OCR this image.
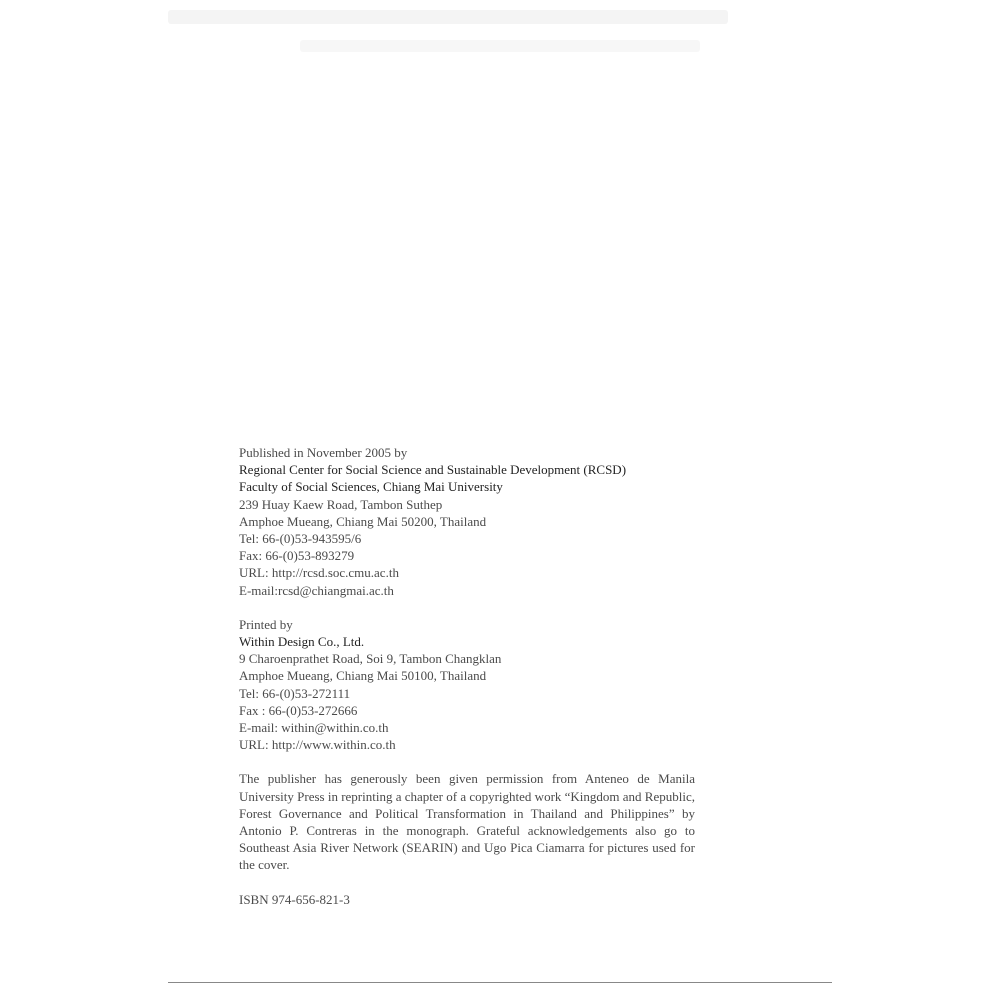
Published in November 2005 by
Regional Center for Social Science and Sustainable Development (RCSD)
Faculty of Social Sciences, Chiang Mai University
239 Huay Kaew Road, Tambon Suthep
Amphoe Mueang, Chiang Mai 50200, Thailand
Tel: 66-(0)53-943595/6
Fax: 66-(0)53-893279
URL: http://rcsd.soc.cmu.ac.th
E-mail:rcsd@chiangmai.ac.th
Printed by
Within Design Co., Ltd.
9 Charoenprathet Road, Soi 9, Tambon Changklan
Amphoe Mueang, Chiang Mai 50100, Thailand
Tel: 66-(0)53-272111
Fax : 66-(0)53-272666
E-mail: within@within.co.th
URL: http://www.within.co.th
The publisher has generously been given permission from Anteneo de Manila University Press in reprinting a chapter of a copyrighted work “Kingdom and Republic, Forest Governance and Political Transformation in Thailand and Philippines” by Antonio P. Contreras in the monograph. Grateful acknowledgements also go to Southeast Asia River Network (SEARIN) and Ugo Pica Ciamarra for pictures used for the cover.
ISBN 974-656-821-3
